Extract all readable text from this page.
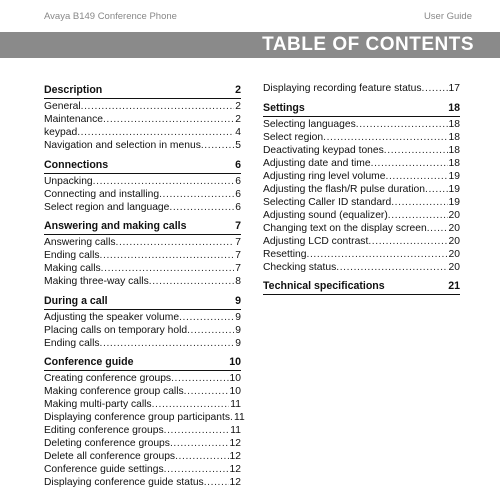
Avaya B149 Conference Phone	User Guide
TABLE OF CONTENTS
Description	2
General .....	2
Maintenance .....	2
keypad .....	4
Navigation and selection in menus .....	5
Connections	6
Unpacking .....	6
Connecting and installing .....	6
Select region and language .....	6
Answering and making calls	7
Answering calls .....	7
Ending calls .....	7
Making calls .....	7
Making three-way calls .....	8
During a call	9
Adjusting the speaker volume .....	9
Placing calls on temporary hold .....	9
Ending calls .....	9
Conference guide	10
Creating conference groups .....	10
Making conference group calls .....	10
Making multi-party calls .....	11
Displaying conference group participants ..... 11
Editing conference groups .....	11
Deleting conference groups .....	12
Delete all conference groups .....	12
Conference guide settings .....	12
Displaying conference guide status .....	12
Displaying recording feature status .....	17
Settings	18
Selecting languages .....	18
Select region .....	18
Deactivating keypad tones .....	18
Adjusting date and time .....	18
Adjusting ring level volume .....	19
Adjusting the flash/R pulse duration ..... 19
Selecting Caller ID standard .....	19
Adjusting sound (equalizer) .....	20
Changing text on the display screen ..... 20
Adjusting LCD contrast .....	20
Resetting .....	20
Checking status .....	20
Technical specifications	21
